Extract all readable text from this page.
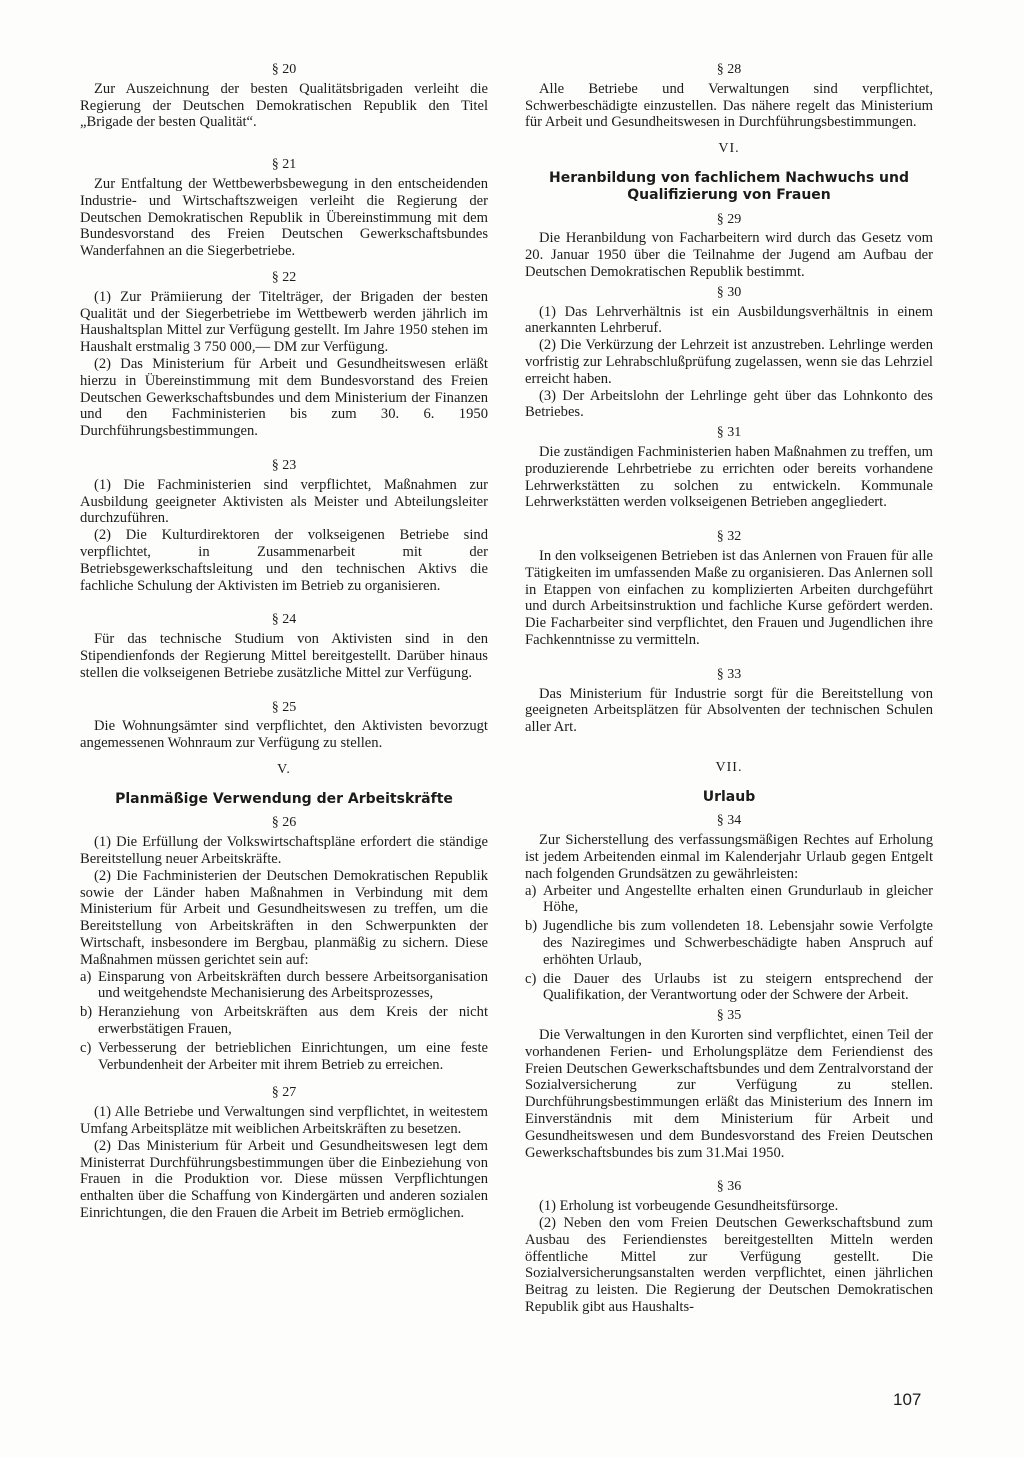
§ 20

Zur Auszeichnung der besten Qualitätsbrigaden verleiht die Regierung der Deutschen Demokratischen Republik den Titel „Brigade der besten Qualität“.

§ 21

Zur Entfaltung der Wettbewerbsbewegung in den entscheidenden Industrie- und Wirtschaftszweigen verleiht die Regierung der Deutschen Demokratischen Republik in Übereinstimmung mit dem Bundesvorstand des Freien Deutschen Gewerkschaftsbundes Wanderfahnen an die Siegerbetriebe.

§ 22

(1) Zur Prämiierung der Titelträger, der Brigaden der besten Qualität und der Siegerbetriebe im Wettbewerb werden jährlich im Haushaltsplan Mittel zur Verfügung gestellt. Im Jahre 1950 stehen im Haushalt erstmalig 3 750 000,— DM zur Verfügung.

(2) Das Ministerium für Arbeit und Gesundheitswesen erläßt hierzu in Übereinstimmung mit dem Bundesvorstand des Freien Deutschen Gewerkschaftsbundes und dem Ministerium der Finanzen und den Fachministerien bis zum 30. 6. 1950 Durchführungsbestimmungen.

§ 23

(1) Die Fachministerien sind verpflichtet, Maßnahmen zur Ausbildung geeigneter Aktivisten als Meister und Abteilungsleiter durchzuführen.

(2) Die Kulturdirektoren der volkseigenen Betriebe sind verpflichtet, in Zusammenarbeit mit der Betriebsgewerkschaftsleitung und den technischen Aktivs die fachliche Schulung der Aktivisten im Betrieb zu organisieren.

§ 24

Für das technische Studium von Aktivisten sind in den Stipendienfonds der Regierung Mittel bereitgestellt. Darüber hinaus stellen die volkseigenen Betriebe zusätzliche Mittel zur Verfügung.

§ 25

Die Wohnungsämter sind verpflichtet, den Aktivisten bevorzugt angemessenen Wohnraum zur Verfügung zu stellen.

V.
Planmäßige Verwendung der Arbeitskräfte
§ 26

(1) Die Erfüllung der Volkswirtschaftspläne erfordert die ständige Bereitstellung neuer Arbeitskräfte.

(2) Die Fachministerien der Deutschen Demokratischen Republik sowie der Länder haben Maßnahmen in Verbindung mit dem Ministerium für Arbeit und Gesundheitswesen zu treffen, um die Bereitstellung von Arbeitskräften in den Schwerpunkten der Wirtschaft, insbesondere im Bergbau, planmäßig zu sichern. Diese Maßnahmen müssen gerichtet sein auf:

a) Einsparung von Arbeitskräften durch bessere Arbeitsorganisation und weitgehendste Mechanisierung des Arbeitsprozesses,
b) Heranziehung von Arbeitskräften aus dem Kreis der nicht erwerbstätigen Frauen,
c) Verbesserung der betrieblichen Einrichtungen, um eine feste Verbundenheit der Arbeiter mit ihrem Betrieb zu erreichen.
§ 27

(1) Alle Betriebe und Verwaltungen sind verpflichtet, in weitestem Umfang Arbeitsplätze mit weiblichen Arbeitskräften zu besetzen.

(2) Das Ministerium für Arbeit und Gesundheitswesen legt dem Ministerrat Durchführungsbestimmungen über die Einbeziehung von Frauen in die Produktion vor. Diese müssen Verpflichtungen enthalten über die Schaffung von Kindergärten und anderen sozialen Einrichtungen, die den Frauen die Arbeit im Betrieb ermöglichen.

§ 28

Alle Betriebe und Verwaltungen sind verpflichtet, Schwerbeschädigte einzustellen. Das nähere regelt das Ministerium für Arbeit und Gesundheitswesen in Durchführungsbestimmungen.

VI.
Heranbildung von fachlichem Nachwuchs und Qualifizierung von Frauen
§ 29

Die Heranbildung von Facharbeitern wird durch das Gesetz vom 20. Januar 1950 über die Teilnahme der Jugend am Aufbau der Deutschen Demokratischen Republik bestimmt.

§ 30

(1) Das Lehrverhältnis ist ein Ausbildungsverhältnis in einem anerkannten Lehrberuf.

(2) Die Verkürzung der Lehrzeit ist anzustreben. Lehrlinge werden vorfristig zur Lehrabschlußprüfung zugelassen, wenn sie das Lehrziel erreicht haben.

(3) Der Arbeitslohn der Lehrlinge geht über das Lohnkonto des Betriebes.

§ 31

Die zuständigen Fachministerien haben Maßnahmen zu treffen, um produzierende Lehrbetriebe zu errichten oder bereits vorhandene Lehrwerkstätten zu solchen zu entwickeln. Kommunale Lehrwerkstätten werden volkseigenen Betrieben angegliedert.

§ 32

In den volkseigenen Betrieben ist das Anlernen von Frauen für alle Tätigkeiten im umfassenden Maße zu organisieren. Das Anlernen soll in Etappen von einfachen zu komplizierten Arbeiten durchgeführt und durch Arbeitsinstruktion und fachliche Kurse gefördert werden. Die Facharbeiter sind verpflichtet, den Frauen und Jugendlichen ihre Fachkenntnisse zu vermitteln.

§ 33

Das Ministerium für Industrie sorgt für die Bereitstellung von geeigneten Arbeitsplätzen für Absolventen der technischen Schulen aller Art.

VII.
Urlaub
§ 34

Zur Sicherstellung des verfassungsmäßigen Rechtes auf Erholung ist jedem Arbeitenden einmal im Kalenderjahr Urlaub gegen Entgelt nach folgenden Grundsätzen zu gewährleisten:

a) Arbeiter und Angestellte erhalten einen Grundurlaub in gleicher Höhe,
b) Jugendliche bis zum vollendeten 18. Lebensjahr sowie Verfolgte des Naziregimes und Schwerbeschädigte haben Anspruch auf erhöhten Urlaub,
c) die Dauer des Urlaubs ist zu steigern entsprechend der Qualifikation, der Verantwortung oder der Schwere der Arbeit.
§ 35

Die Verwaltungen in den Kurorten sind verpflichtet, einen Teil der vorhandenen Ferien- und Erholungsplätze dem Feriendienst des Freien Deutschen Gewerkschaftsbundes und dem Zentralvorstand der Sozialversicherung zur Verfügung zu stellen. Durchführungsbestimmungen erläßt das Ministerium des Innern im Einverständnis mit dem Ministerium für Arbeit und Gesundheitswesen und dem Bundesvorstand des Freien Deutschen Gewerkschaftsbundes bis zum 31.Mai 1950.

§ 36

(1) Erholung ist vorbeugende Gesundheitsfürsorge.

(2) Neben den vom Freien Deutschen Gewerkschaftsbund zum Ausbau des Feriendienstes bereitgestellten Mitteln werden öffentliche Mittel zur Verfügung gestellt. Die Sozialversicherungsanstalten werden verpflichtet, einen jährlichen Beitrag zu leisten. Die Regierung der Deutschen Demokratischen Republik gibt aus Haushalts-

107
